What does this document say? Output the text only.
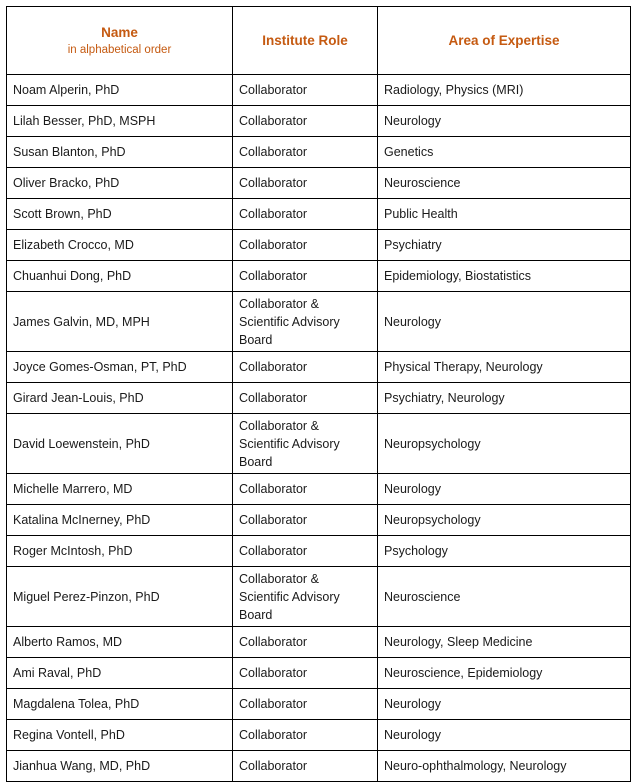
Name
in alphabetical order	Institute Role	Area of Expertise
Noam Alperin, PhD	Collaborator	Radiology, Physics (MRI)
Lilah Besser, PhD, MSPH	Collaborator	Neurology
Susan Blanton, PhD	Collaborator	Genetics
Oliver Bracko, PhD	Collaborator	Neuroscience
Scott Brown, PhD	Collaborator	Public Health
Elizabeth Crocco, MD	Collaborator	Psychiatry
Chuanhui Dong, PhD	Collaborator	Epidemiology, Biostatistics
James Galvin, MD, MPH	Collaborator & Scientific Advisory Board	Neurology
Joyce Gomes-Osman, PT, PhD	Collaborator	Physical Therapy, Neurology
Girard Jean-Louis, PhD	Collaborator	Psychiatry, Neurology
David Loewenstein, PhD	Collaborator & Scientific Advisory Board	Neuropsychology
Michelle Marrero, MD	Collaborator	Neurology
Katalina McInerney, PhD	Collaborator	Neuropsychology
Roger McIntosh, PhD	Collaborator	Psychology
Miguel Perez-Pinzon, PhD	Collaborator & Scientific Advisory Board	Neuroscience
Alberto Ramos, MD	Collaborator	Neurology, Sleep Medicine
Ami Raval, PhD	Collaborator	Neuroscience, Epidemiology
Magdalena Tolea, PhD	Collaborator	Neurology
Regina Vontell, PhD	Collaborator	Neurology
Jianhua Wang, MD, PhD	Collaborator	Neuro-ophthalmology, Neurology
